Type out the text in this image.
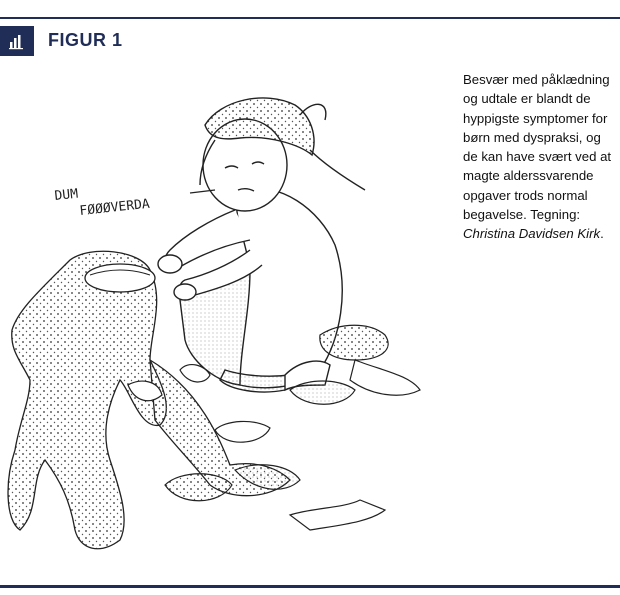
FIGUR 1
DUM
FØØØVERDA
Besvær med påklædning og udtale er blandt de hyppigste symptomer for børn med dyspraksi, og de kan have svært ved at magte alderssvarende opgaver trods normal begavelse. Tegning: Christina Davidsen Kirk.
